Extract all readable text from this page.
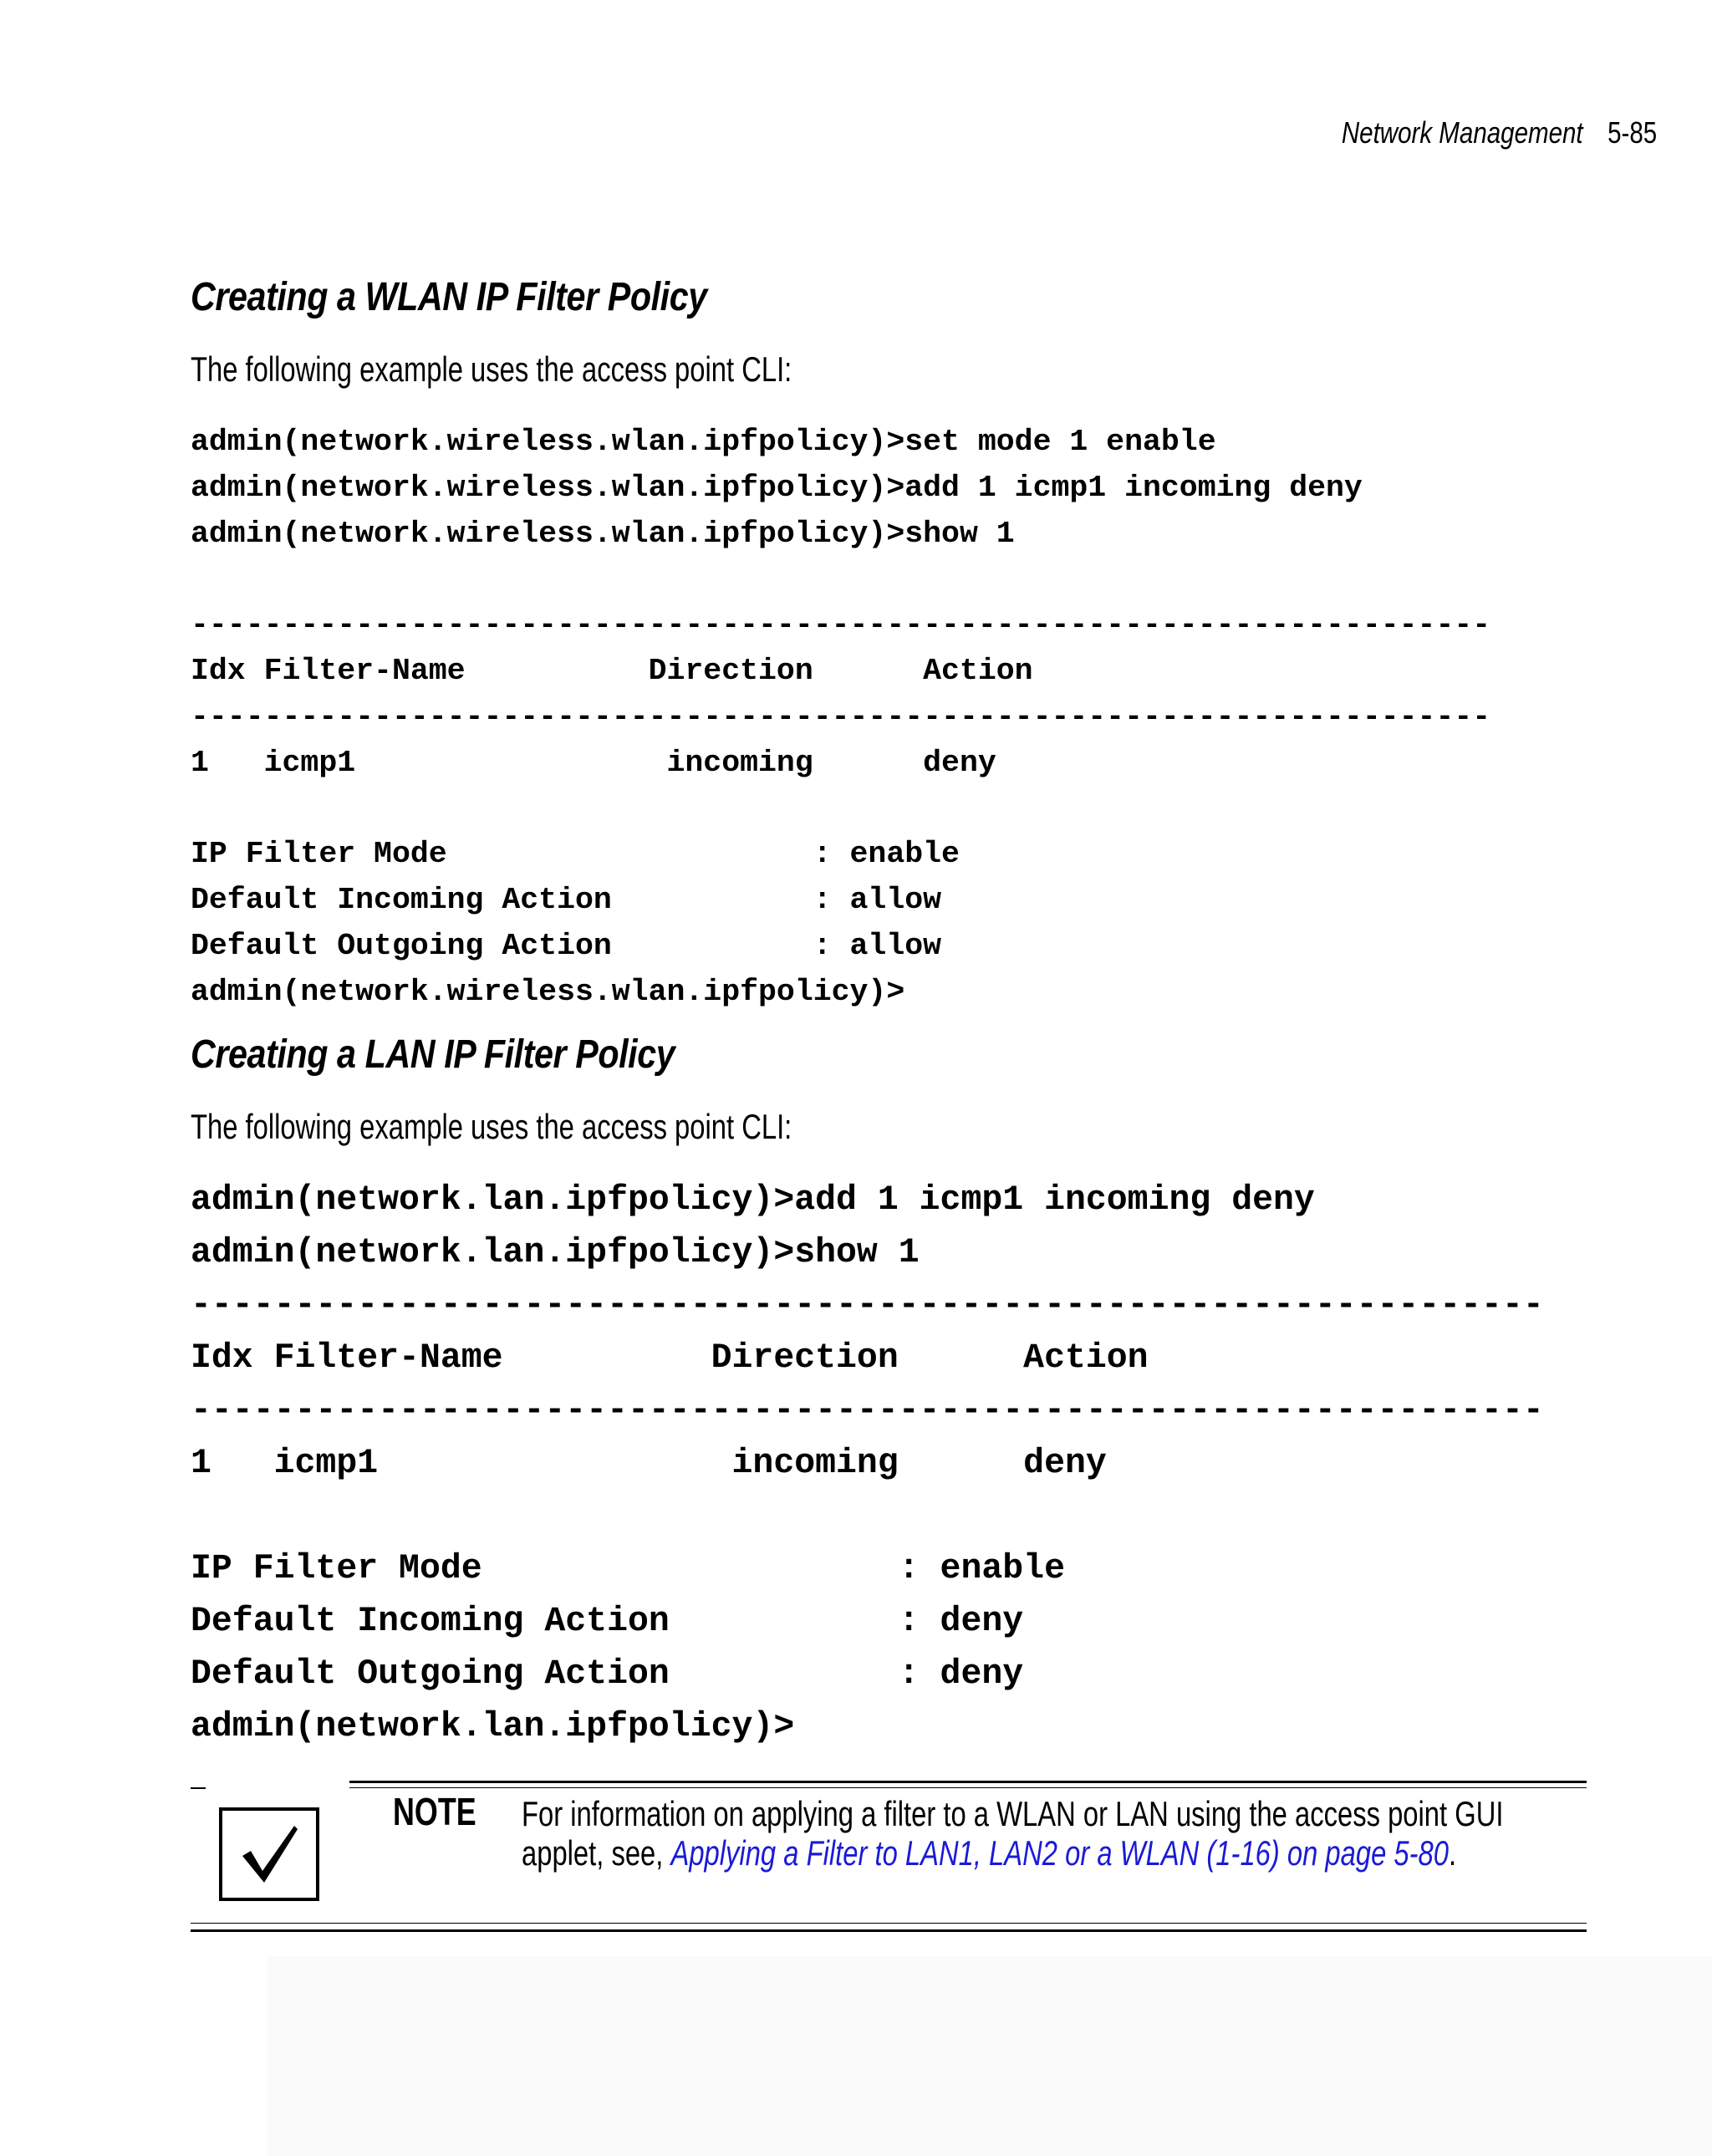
Network Management 5-85
Creating a WLAN IP Filter Policy
The following example uses the access point CLI:
admin(network.wireless.wlan.ipfpolicy)>set mode 1 enable
admin(network.wireless.wlan.ipfpolicy)>add 1 icmp1 incoming deny
admin(network.wireless.wlan.ipfpolicy)>show 1

-----------------------------------------------------------------------
Idx Filter-Name          Direction      Action
-----------------------------------------------------------------------
1   icmp1                 incoming      deny

IP Filter Mode                    : enable
Default Incoming Action           : allow
Default Outgoing Action           : allow
admin(network.wireless.wlan.ipfpolicy)>
Creating a LAN IP Filter Policy
The following example uses the access point CLI:
admin(network.lan.ipfpolicy)>add 1 icmp1 incoming deny
admin(network.lan.ipfpolicy)>show 1
-----------------------------------------------------------------
Idx Filter-Name          Direction      Action
-----------------------------------------------------------------
1   icmp1                 incoming      deny

IP Filter Mode                    : enable
Default Incoming Action           : deny
Default Outgoing Action           : deny
admin(network.lan.ipfpolicy)>
NOTE For information on applying a filter to a WLAN or LAN using the access point GUI applet, see, Applying a Filter to LAN1, LAN2 or a WLAN (1-16) on page 5-80.
